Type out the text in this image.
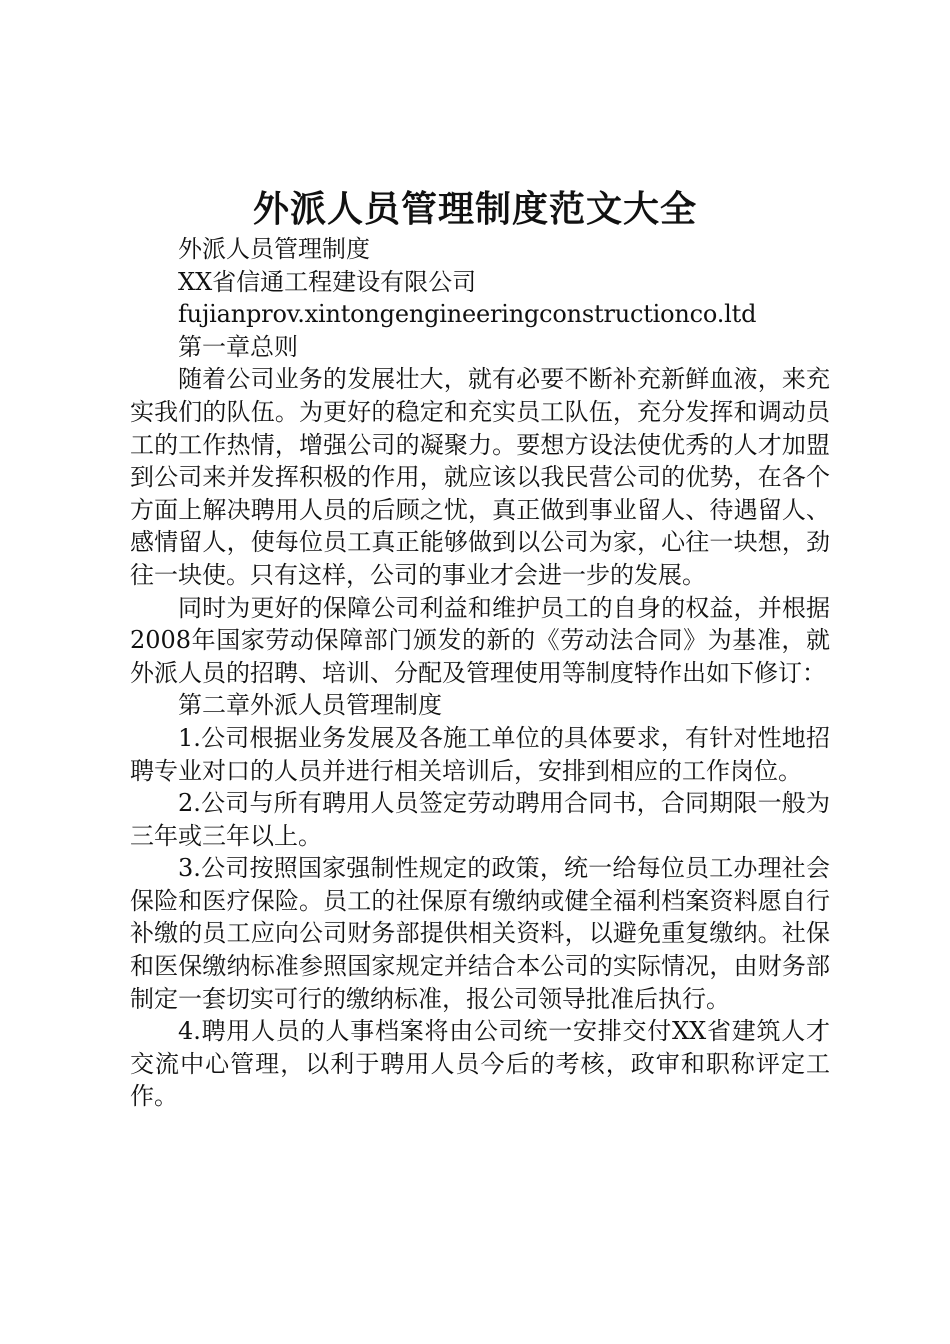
外派人员管理制度范文大全

外派人员管理制度

XX省信通工程建设有限公司

fujianprov.xintongengineeringconstructionco.ltd

第一章总则

随着公司业务的发展壮大，就有必要不断补充新鲜血液，来充实我们的队伍。为更好的稳定和充实员工队伍，充分发挥和调动员工的工作热情，增强公司的凝聚力。要想方设法使优秀的人才加盟到公司来并发挥积极的作用，就应该以我民营公司的优势，在各个方面上解决聘用人员的后顾之忧，真正做到事业留人、待遇留人、感情留人，使每位员工真正能够做到以公司为家，心往一块想，劲往一块使。只有这样，公司的事业才会进一步的发展。

同时为更好的保障公司利益和维护员工的自身的权益，并根据2008年国家劳动保障部门颁发的新的《劳动法合同》为基准，就外派人员的招聘、培训、分配及管理使用等制度特作出如下修订：

第二章外派人员管理制度

1.公司根据业务发展及各施工单位的具体要求，有针对性地招聘专业对口的人员并进行相关培训后，安排到相应的工作岗位。

2.公司与所有聘用人员签定劳动聘用合同书，合同期限一般为三年或三年以上。

3.公司按照国家强制性规定的政策，统一给每位员工办理社会保险和医疗保险。员工的社保原有缴纳或健全福利档案资料愿自行补缴的员工应向公司财务部提供相关资料，以避免重复缴纳。社保和医保缴纳标准参照国家规定并结合本公司的实际情况，由财务部制定一套切实可行的缴纳标准，报公司领导批准后执行。

4.聘用人员的人事档案将由公司统一安排交付XX省建筑人才交流中心管理，以利于聘用人员今后的考核，政审和职称评定工作。
